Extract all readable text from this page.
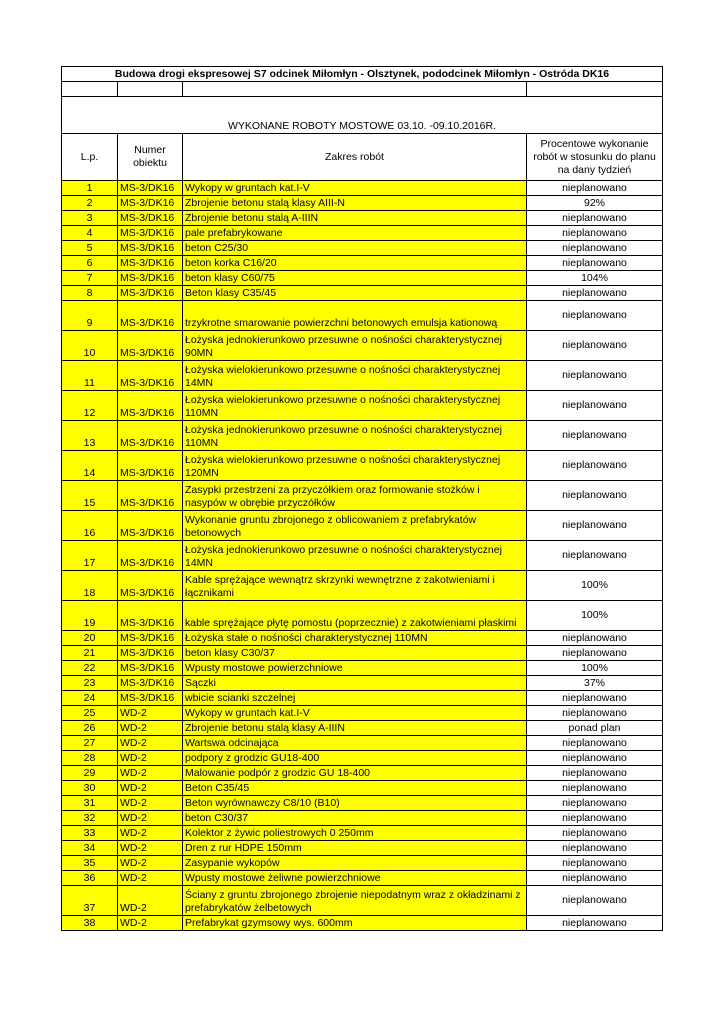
Budowa drogi ekspresowej S7 odcinek Miłomłyn - Olsztynek, pododcinek Miłomłyn - Ostróda DK16			

WYKONANE ROBOTY MOSTOWE 03.10. -09.10.2016R.			
L.p.	Numer obiektu	Zakres robót	Procentowe wykonanie robót w stosunku do planu na dany tydzień
1	MS-3/DK16	Wykopy w gruntach kat.I-V	nieplanowano
2	MS-3/DK16	Zbrojenie betonu stalą klasy AIII-N	92%
3	MS-3/DK16	Zbrojenie betonu stalą A-IIIN	nieplanowano
4	MS-3/DK16	pale prefabrykowane	nieplanowano
5	MS-3/DK16	beton C25/30	nieplanowano
6	MS-3/DK16	beton korka C16/20	nieplanowano
7	MS-3/DK16	beton klasy C60/75	104%
8	MS-3/DK16	Beton klasy C35/45	nieplanowano
9	MS-3/DK16	trzykrotne smarowanie powierzchni betonowych emulsja kationową	nieplanowano
10	MS-3/DK16	Łożyska jednokierunkowo przesuwne o nośności charakterystycznej 90MN	nieplanowano
11	MS-3/DK16	Łożyska wielokierunkowo przesuwne o nośności charakterystycznej 14MN	nieplanowano
12	MS-3/DK16	Łożyska wielokierunkowo przesuwne o nośności charakterystycznej 110MN	nieplanowano
13	MS-3/DK16	Łożyska jednokierunkowo przesuwne o nośności charakterystycznej 110MN	nieplanowano
14	MS-3/DK16	Łożyska wielokierunkowo przesuwne o nośności charakterystycznej 120MN	nieplanowano
15	MS-3/DK16	Zasypki przestrzeni za przyczółkiem oraz formowanie stożków i nasypów w obrębie przyczółków	nieplanowano
16	MS-3/DK16	Wykonanie gruntu zbrojonego z oblicowaniem z prefabrykatów betonowych	nieplanowano
17	MS-3/DK16	Łożyska jednokierunkowo przesuwne o nośności charakterystycznej 14MN	nieplanowano
18	MS-3/DK16	Kable sprężające wewnątrz skrzynki wewnętrzne z zakotwieniami i łącznikami	100%
19	MS-3/DK16	kable sprężające płytę pomostu (poprzecznie) z zakotwieniami płaskimi	100%
20	MS-3/DK16	Łożyska stałe o nośności charakterystycznej 110MN	nieplanowano
21	MS-3/DK16	beton klasy C30/37	nieplanowano
22	MS-3/DK16	Wpusty mostowe powierzchniowe	100%
23	MS-3/DK16	Sączki	37%
24	MS-3/DK16	wbicie scianki szczelnej	nieplanowano
25	WD-2	Wykopy w gruntach kat.I-V	nieplanowano
26	WD-2	Zbrojenie betonu stalą klasy A-IIIN	ponad plan
27	WD-2	Wartswa odcinająca	nieplanowano
28	WD-2	podpory z grodzic GU18-400	nieplanowano
29	WD-2	Malowanie podpór z grodzic GU 18-400	nieplanowano
30	WD-2	Beton C35/45	nieplanowano
31	WD-2	Beton wyrównawczy C8/10 (B10)	nieplanowano
32	WD-2	beton C30/37	nieplanowano
33	WD-2	Kolektor z żywic poliestrowych 0 250mm	nieplanowano
34	WD-2	Dren z rur HDPE 150mm	nieplanowano
35	WD-2	Zasypanie wykopów	nieplanowano
36	WD-2	Wpusty mostowe żeliwne powierzchniowe	nieplanowano
37	WD-2	Ściany z gruntu zbrojonego zbrojenie niepodatnym wraz z okładzinami z prefabrykatów żelbetowych	nieplanowano
38	WD-2	Prefabrykat gzymsowy wys. 600mm	nieplanowano
